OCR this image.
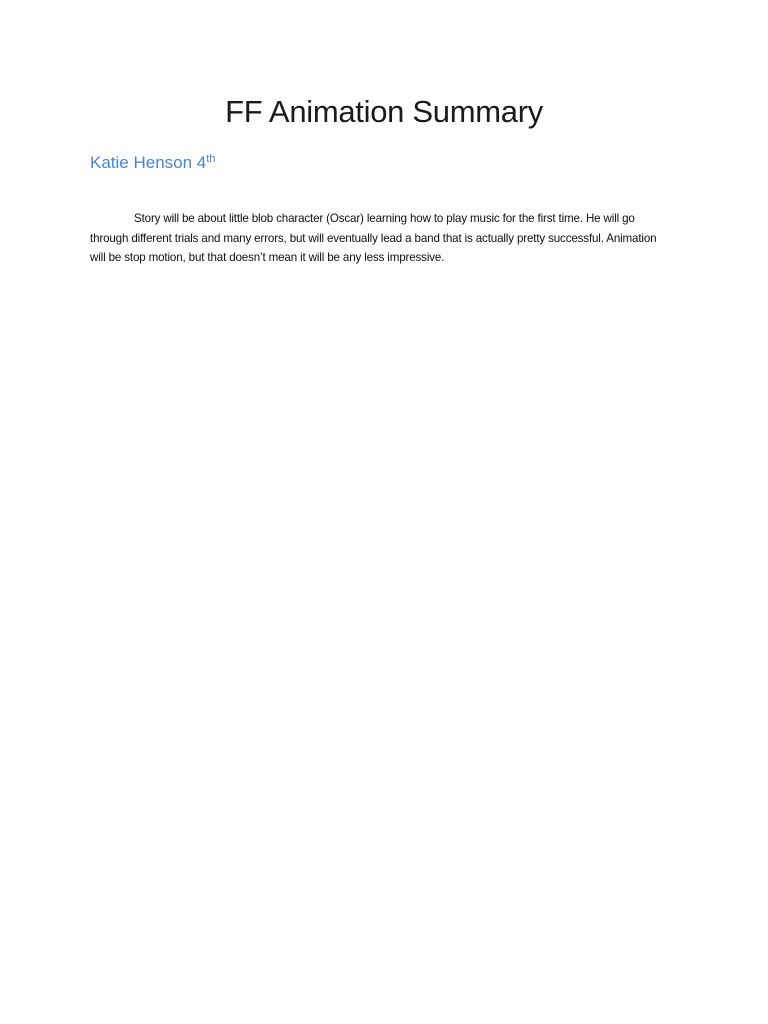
FF Animation Summary

Katie Henson 4th

Story will be about little blob character (Oscar) learning how to play music for the first time. He will go through different trials and many errors, but will eventually lead a band that is actually pretty successful. Animation will be stop motion, but that doesn’t mean it will be any less impressive.
